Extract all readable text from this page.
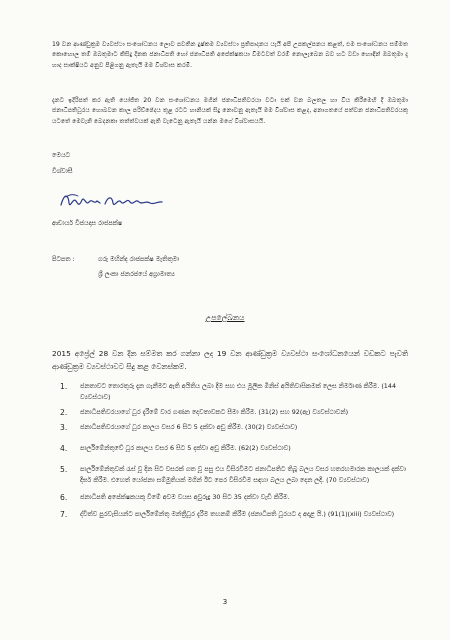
19 වන ආණ්ඩුක්‍රම ව්‍යවස්ථා සංශෝධනය ලොව පවතින දුෂ්කම ව්‍යවස්ථා ප්‍රතිපාදනය යැයි අපි උපකල්පනය කළත්, එම සංශෝධනය සම්මත කොහොල තම් ඔබතුමාට කිසිදු දිනක ජනාධිපති හෝ ජනාධිපති අපේක්ෂකයා විමටවත් වරම් නොලැබෙන බව හට වඩා හොඳින් ඔබතුමා දැ හාද සාක්ෂියට අනුව පිළිගනු ඇතැයි මම විශ්වාස කරමි.

දැනට ඉදිරිපත් කර ඇති යෝජිත 20 වන සංශෝධනය මගින් ජනාධිපතිවරයා වටා එක් වන බලතල හා විය කිරීමෙහි දී ඔබතුමා ජනාධිපතිධූරය හොබවන කාල පරිච්ඡේදය තුළ රටට හානියක් සිදු නොවනු ඇතැයි මම විශ්වාස කළද, අනාගතයේ පත්වන ජනාධිපතිවරයකු යටතේ මෙවැනි බෙදනකා තත්ත්වයක් ඇති වැටෙනු ඇතැයි යන්න මගේ විශ්වාසයයි.

මෙයට

විශ්වාසී

ආචාර්ය විජයදාස රාජපක්ෂ

පිටපත :	ගරු මහින්ද රාජපක්ෂ මැතිතුමා

ශ්‍රී ලංකා ජනරජයේ අග්‍රාමාත්‍ය

උපලේඛනය

2015 අප්‍රේල් 28 වන දින සම්මත කර ගන්නා ලද 19 වන ආණ්ඩුක්‍රම ව්‍යවස්ථා සංශෝධනයෙන් වඩකට පැවති ආණ්ඩුක්‍රම ව්‍යවස්ථාවට සිදු කළ වෙනස්කම්.

1. ජනතාවට තොරතුරු දැන ගැනීමට ඇති අයිතිය ලබා දීම සහ එය මූලික මිනිස් අයිතිවාසිකමක් ලෙස නිර්මාණ කිරීම. (144 ව්‍යවස්ථාව)
2. ජනාධිපතිවරයාගේ ධූර දැරීමේ වාර ගණන දෙවතාවකට සීමා කිරීම. (31(2) සහ 92(ඇ) ව්‍යවස්ථාවන්)
3. ජනාධිපතිවරයාගේ ධූර කාලය වසර 6 සිට 5 දක්වා අඩු කිරීම. (30(2) ව්‍යවස්ථාව)
4. පාර්ලිමේන්තුවේ ධූර කාලය වසර 6 සිට 5 දක්වා අඩු කිරීම. (62(2) ව්‍යවස්ථාව)
5. පාර්ලිමේන්තුවක් රැස් වූ දින සිට වසරක් ගත වූ පසු එය විසිරවීමට ජනාධිපතිට තිබූ බලය වසර හතරහමාරක කාලයක් දක්වා දීර්ඝ කිරීම. එහෙත් යෝජනා සම්මුතියක් මගින් ඊට පෙර විසිරවීම සඳහා බලය ලබා දෙන ලදී. (70 ව්‍යවස්ථාව)
6. ජනාධිපති අපේක්ෂකයකු වීමේ අවම වයස අවුරුදු 30 සිට 35 දක්වා වැඩි කිරීම.
7. ද්විත්ව පුරවැසියන්ට පාර්ලිමේන්තු මන්ත්‍රීධූර දැරීම තහනම් කිරීම (ජනාධිපති ධූරයට ද අදාළ යි.) (91(1)(xiii) ව්‍යවස්ථාව)
3
